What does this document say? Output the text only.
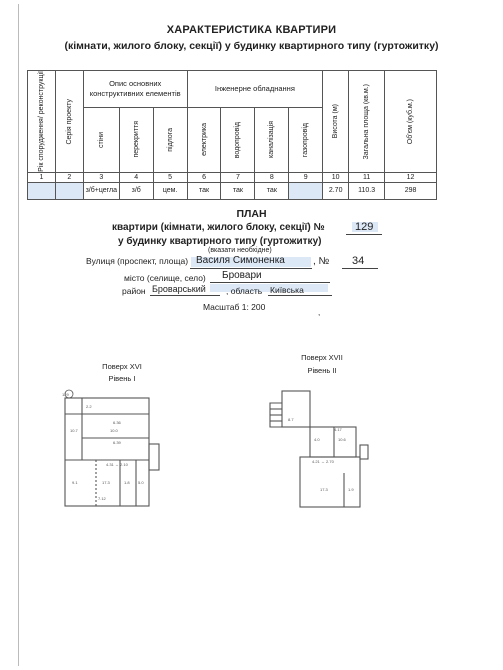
ХАРАКТЕРИСТИКА КВАРТИРИ
(кімнати, жилого блоку, секції) у будинку квартирного типу (гуртожитку)
Рік спорудження/ реконструкції	Серія проекту	Опис основних конструктивних елементів			Інженерне обладнання				Висота (м)	Загальна площа (кв.м.)	Об'єм (куб.м.)

		стіни	перекриття	підлога	електрика	водопровід	каналізація	газопровід			

1	2	3	4	5	6	7	8	9	10	11	12
		з/б+цегла	з/б	цем.	так	так	так		2.70	110.3	298
ПЛАН
квартири (кімнати, жилого блоку, секції) №	129
у будинку квартирного типу (гуртожитку)
(вказати необхідне)
Вулиця (проспект, площа) Василя Симоненка	, № 34
місто (селище, село) Бровари
район Броварський , область Київська
Масштаб 1: 200
,
Поверх XVI
Рівень І
Поверх XVII
Рівень ІІ
129
2.2
10.7
6.36
10.0
6.39
4.31 ↔ 2.10
9.1	17.3	1.8 5.0
7.12
8.7
4.0	10.6
4.17
4.21 ↔ 2.70
17.3	1.9
